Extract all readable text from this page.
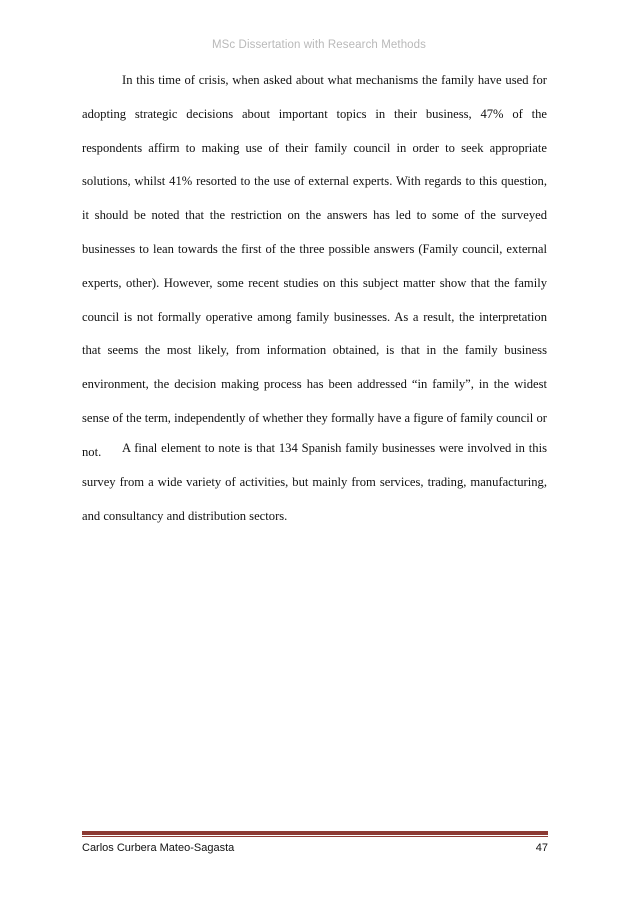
MSc Dissertation with Research Methods

In this time of crisis, when asked about what mechanisms the family have used for adopting strategic decisions about important topics in their business, 47% of the respondents affirm to making use of their family council in order to seek appropriate solutions, whilst 41% resorted to the use of external experts. With regards to this question, it should be noted that the restriction on the answers has led to some of the surveyed businesses to lean towards the first of the three possible answers (Family council, external experts, other). However, some recent studies on this subject matter show that the family council is not formally operative among family businesses. As a result, the interpretation that seems the most likely, from information obtained, is that in the family business environment, the decision making process has been addressed “in family”, in the widest sense of the term, independently of whether they formally have a figure of family council or not.	A final element to note is that 134 Spanish family businesses were involved in this survey from a wide variety of activities, but mainly from services, trading, manufacturing, and consultancy and distribution sectors.

Carlos Curbera Mateo-Sagasta	47
